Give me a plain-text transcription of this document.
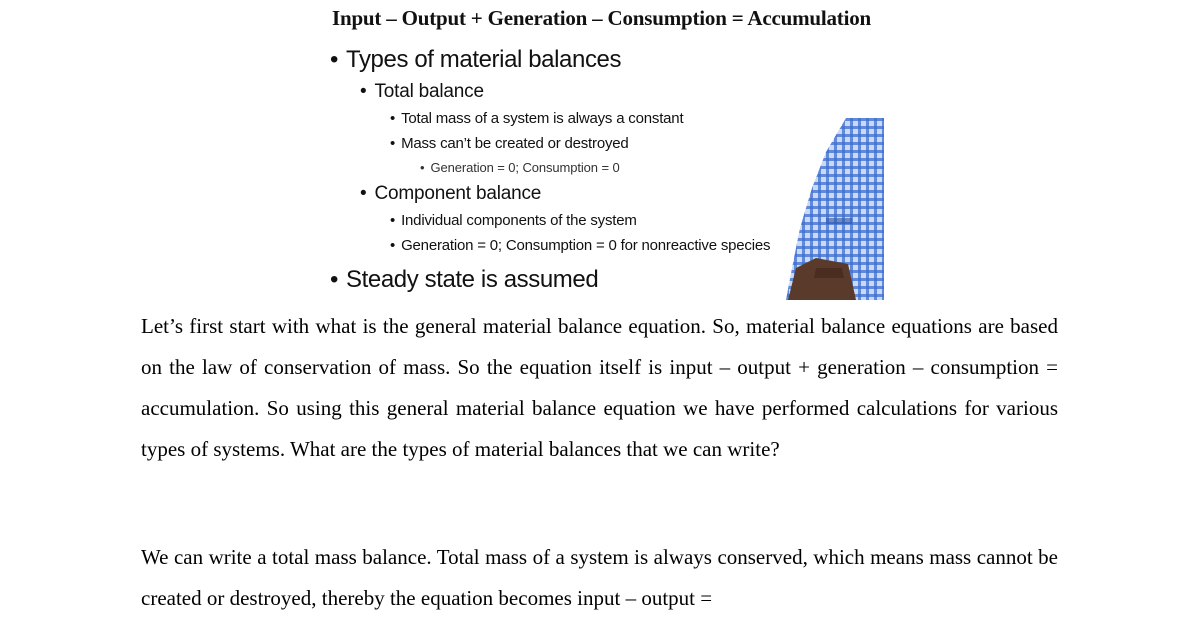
Input – Output + Generation – Consumption = Accumulation
• Types of material balances
• Total balance
• Total mass of a system is always a constant
• Mass can’t be created or destroyed
• Generation = 0; Consumption = 0
• Component balance
• Individual components of the system
• Generation = 0; Consumption = 0 for nonreactive species
• Steady state is assumed
Let’s first start with what is the general material balance equation. So, material balance equations are based on the law of conservation of mass. So the equation itself is input – output + generation – consumption = accumulation. So using this general material balance equation we have performed calculations for various types of systems. What are the types of material balances that we can write?
We can write a total mass balance. Total mass of a system is always conserved, which means mass cannot be created or destroyed, thereby the equation becomes input – output =
